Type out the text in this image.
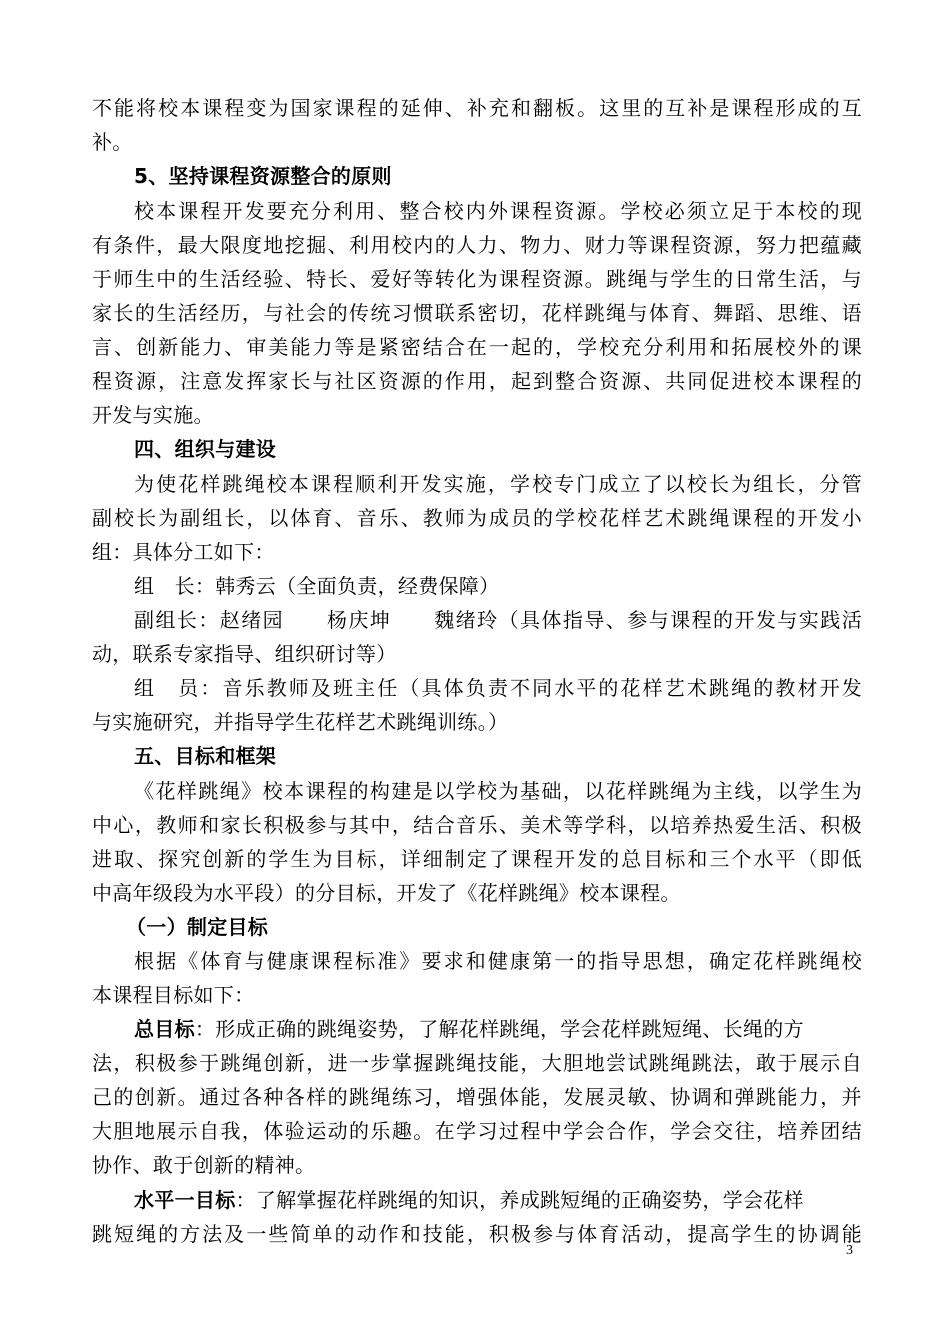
不能将校本课程变为国家课程的延伸、补充和翻板。这里的互补是课程形成的互
补。
5、坚持课程资源整合的原则
校本课程开发要充分利用、整合校内外课程资源。学校必须立足于本校的现
有条件，最大限度地挖掘、利用校内的人力、物力、财力等课程资源，努力把蕴藏
于师生中的生活经验、特长、爱好等转化为课程资源。跳绳与学生的日常生活，与
家长的生活经历，与社会的传统习惯联系密切，花样跳绳与体育、舞蹈、思维、语
言、创新能力、审美能力等是紧密结合在一起的，学校充分利用和拓展校外的课
程资源，注意发挥家长与社区资源的作用，起到整合资源、共同促进校本课程的
开发与实施。
四、组织与建设
为使花样跳绳校本课程顺利开发实施，学校专门成立了以校长为组长，分管
副校长为副组长，以体育、音乐、教师为成员的学校花样艺术跳绳课程的开发小
组：具体分工如下：
组　长：韩秀云（全面负责，经费保障）
副组长：赵绪园　　杨庆坤　　魏绪玲（具体指导、参与课程的开发与实践活
动，联系专家指导、组织研讨等）
组　员：音乐教师及班主任（具体负责不同水平的花样艺术跳绳的教材开发
与实施研究，并指导学生花样艺术跳绳训练。）
五、目标和框架
《花样跳绳》校本课程的构建是以学校为基础，以花样跳绳为主线，以学生为
中心，教师和家长积极参与其中，结合音乐、美术等学科，以培养热爱生活、积极
进取、探究创新的学生为目标，详细制定了课程开发的总目标和三个水平（即低
中高年级段为水平段）的分目标，开发了《花样跳绳》校本课程。
（一）制定目标
根据《体育与健康课程标准》要求和健康第一的指导思想，确定花样跳绳校
本课程目标如下：
总目标：形成正确的跳绳姿势，了解花样跳绳，学会花样跳短绳、长绳的方
法，积极参于跳绳创新，进一步掌握跳绳技能，大胆地尝试跳绳跳法，敢于展示自
己的创新。通过各种各样的跳绳练习，增强体能，发展灵敏、协调和弹跳能力，并
大胆地展示自我，体验运动的乐趣。在学习过程中学会合作，学会交往，培养团结
协作、敢于创新的精神。
水平一目标：了解掌握花样跳绳的知识，养成跳短绳的正确姿势，学会花样
跳短绳的方法及一些简单的动作和技能，积极参与体育活动，提高学生的协调能
3
